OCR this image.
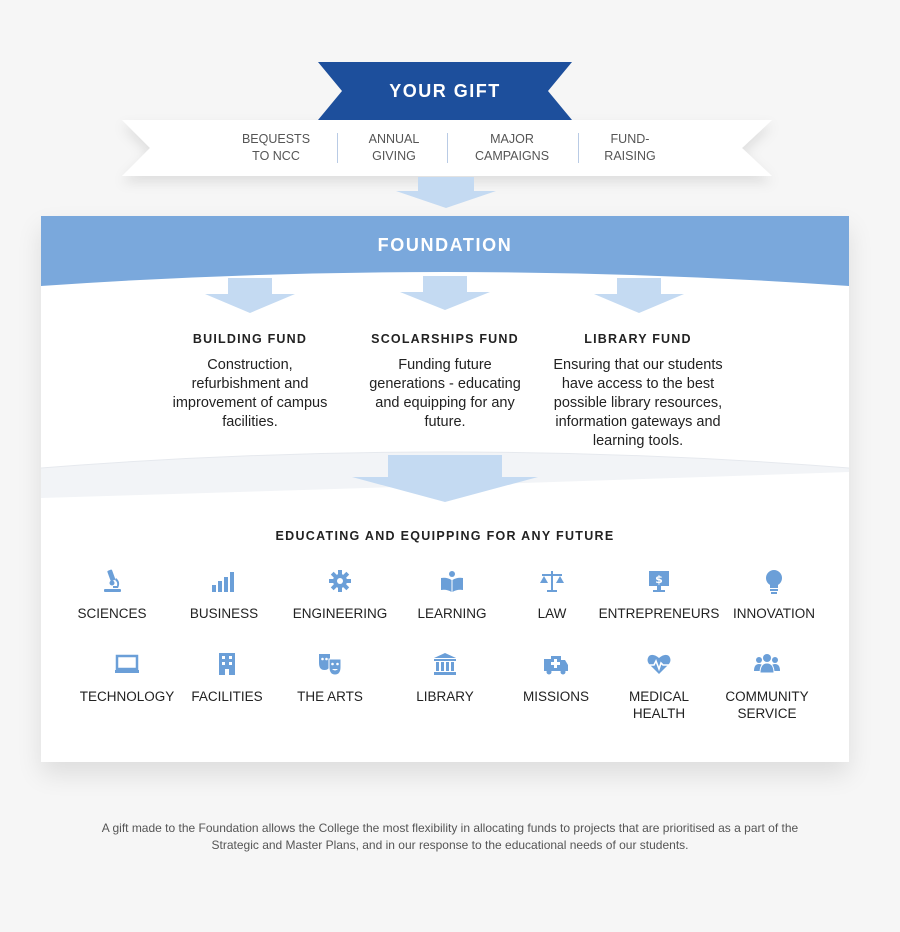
YOUR GIFT
BEQUESTS
TO NCC
ANNUAL
GIVING
MAJOR
CAMPAIGNS
FUND-
RAISING
FOUNDATION
BUILDING FUND
Construction, refurbishment and improvement of campus facilities.
SCOLARSHIPS FUND
Funding future generations - educating and equipping for any future.
LIBRARY FUND
Ensuring that our students have access to the best possible library resources, information gateways and learning tools.
EDUCATING AND EQUIPPING FOR ANY FUTURE
SCIENCES	BUSINESS	ENGINEERING	LEARNING	LAW
$
ENTREPRENEURS	INNOVATION
TECHNOLOGY	FACILITIES	THE ARTS	LIBRARY	MISSIONS	MEDICAL
HEALTH
COMMUNITY
SERVICE
A gift made to the Foundation allows the College the most flexibility in allocating funds to projects that are prioritised as a part of the Strategic and Master Plans, and in our response to the educational needs of our students.
